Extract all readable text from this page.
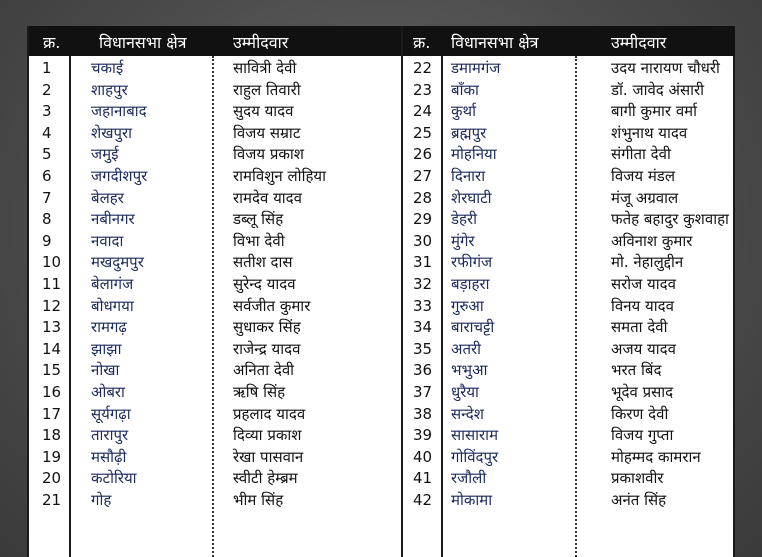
क्र. विधानसभा क्षेत्र	उम्मीदवार
1	चकाई	सावित्री देवी
2	शाहपुर	राहुल तिवारी
3	जहानाबाद	सुदय यादव
4	शेखपुरा	विजय सम्राट
5	जमुई	विजय प्रकाश
6	जगदीशपुर	रामविशुन लोहिया
7	बेलहर	रामदेव यादव
8	नबीनगर	डब्लू सिंह
9	नवादा	विभा देवी
10 मखदुमपुर	सतीश दास
11 बेलागंज	सुरेन्द यादव
12 बोधगया	सर्वजीत कुमार
13 रामगढ़	सुधाकर सिंह
14 झाझा	राजेन्द्र यादव
15 नोखा	अनिता देवी
16 ओबरा	ऋषि सिंह
17 सूर्यगढ़ा	प्रहलाद यादव
18 तारापुर	दिव्या प्रकाश
19 मसौढ़ी	रेखा पासवान
20 कटोरिया	स्वीटी हेम्ब्रम
21 गोह	भीम सिंह
क्र. विधानसभा क्षेत्र	उम्मीदवार
22 डमामगंज	उदय नारायण चौधरी
23 बाँका	डॉ. जावेद अंसारी
24 कुर्था	बागी कुमार वर्मा
25 ब्रह्मपुर	शंभुनाथ यादव
26 मोहनिया	संगीता देवी
27 दिनारा	विजय मंडल
28 शेरघाटी	मंजू अग्रवाल
29 डेहरी	फतेह बहादुर कुशवाहा
30 मुंगेर	अविनाश कुमार
31 रफीगंज	मो. नेहालुद्दीन
32 बड़ाहरा	सरोज यादव
33 गुरुआ	विनय यादव
34 बाराचट्टी	समता देवी
35 अतरी	अजय यादव
36 भभुआ	भरत बिंद
37 धुरैया	भूदेव प्रसाद
38 सन्देश	किरण देवी
39 सासाराम	विजय गुप्ता
40 गोविंदपुर	मोहम्मद कामरान
41 रजौली	प्रकाशवीर
42 मोकामा	अनंत सिंह
